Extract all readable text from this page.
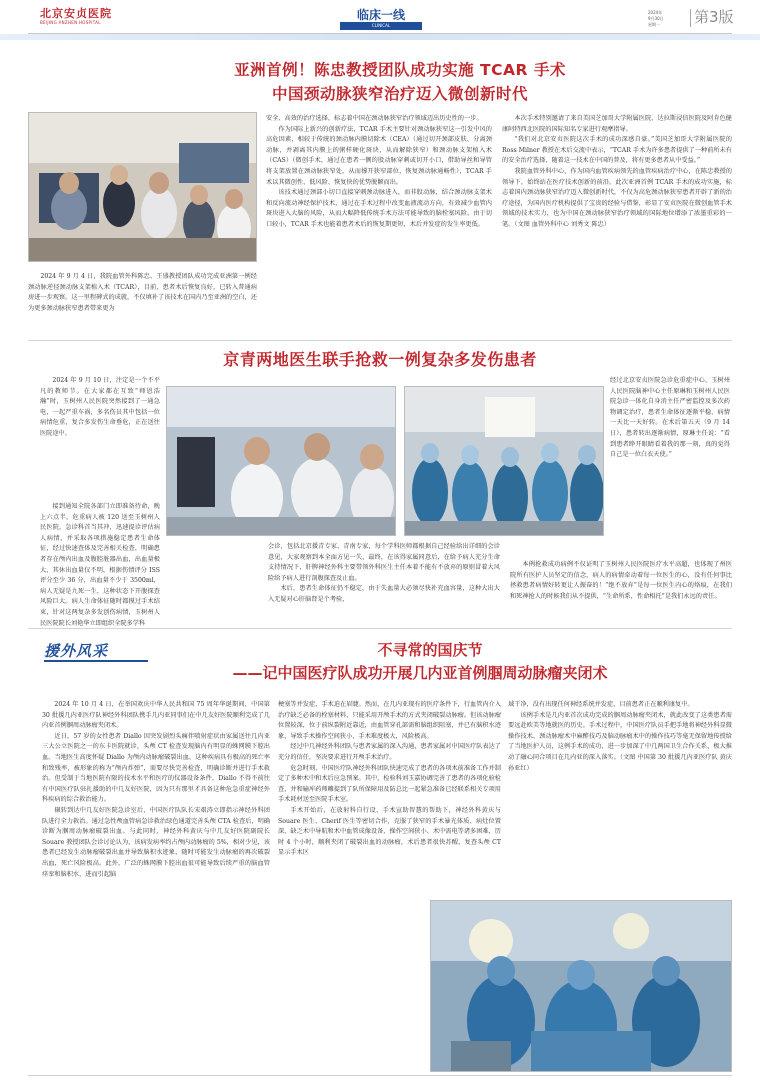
北京安贞医院
BEIJING ANZHEN HOSPITAL
临床一线
CLINICAL
2024年
9月30日
星期一 第3版
亚洲首例！陈忠教授团队成功实施 TCAR 手术
中国颈动脉狭窄治疗迈入微创新时代

2024 年 9 月 4 日，我院血管外科陈忠、王盛教授团队成功完成亚洲第一例经颈动脉逆径颈动脉支架植入术（TCAR），目前，患者术后恢复良好，已转入普通病房进一步观察。这一里程碑式的成就，不仅填补了该技术在国内乃至亚洲的空白，还为更多颈动脉狭窄患者带来更为

安全、高效的治疗选择，标志着中国在颈动脉狭窄治疗领域迈出历史性的一步。

作为国际上新兴的创新疗法，TCAR 手术主要针对颈动脉狭窄这一引发中风的高危因素，相较于传统的颈动脉内膜切除术（CEA）（通过切开颈部皮肤、分离颈动脉，并剥离其内膜上的粥样硬化斑块，从而解除狭窄）和颈动脉支架植入术（CAS）（微创手术，通过在患者一侧的股动脉穿刺或切开小口，借助导丝和导管将支架放置在颈动脉狭窄处，从而撑开狭窄部位，恢复颈动脉通畅性），TCAR 手术以其微创性、低风险、恢复快的优势脱颖而出。

该技术通过颈部小切口直接穿刺颈动脉进入，而非股动脉，结合颈动脉支架术和反向流动神经保护技术，通过在手术过程中改变血液流动方向，有效减少血管内斑块进入大脑的风险，从而大幅降低传统手术方法可能导致的脑栓塞风险。由于切口较小，TCAR 手术也能着患者术后的恢复期更短，术后并发症的发生率更低。

本次手术特别邀请了来自美国芝加哥大学附属医院、达拉斯浸信医院及阿肯色健康阿特西北医院的国际知名专家进行观摩指导。

“我们对北京安贞医院这次手术的成功深感自豪。”美国芝加哥大学附属医院的 Ross Milner 教授在术后交流中表示，“TCAR 手术为许多患者提供了一种前所未有的安全治疗选择，随着这一技术在中国的普及，将有更多患者从中受益。”

我院血管外科中心，作为国内血管疾病领先的血管疾病治疗中心，在陈忠教授的领导下，始终站在医疗技术创新的前沿。此次亚洲首例 TCAR 手术的成功实施，标志着国内颈动脉狭窄治疗迈入微创新时代，不仅为高危颈动脉狭窄患者开辟了新的治疗途径，为国内医疗机构提供了宝贵的经验与借鉴，彰显了安贞医院在微创血管手术领域的技术实力，也为中国在颈动脉狭窄治疗领域的国际地位增添了浓墨重彩的一笔。（文图 血管外科中心 刘秀文 陈忠）

京青两地医生联手抢救一例复杂多发伤患者

2024 年 9 月 10 日，注定是一个不平凡的教师节。在大家都在互致“师恩浩瀚”时，玉树州人民医院突然接到了一通急电，一起严重车祸，多名伤员其中包括一位病情危重，复合多发伤生命垂危，正在送往医院途中。

接到通知全院各部门立即准备待命，晚上六点半，危重病人被 120 送至玉树州人民医院，急诊科首当其冲，迅速提诊评估病人病情，并采取各项措施稳定患者生命体征，经过快速查体及完善相关检查，明确患者存在颅内出血及腹腔脏器出血，出血量极大，其休出血量仅不明，根据伤情评分 ISS 评分至少 36 分，出血量不少于 3500ml，病人无疑是九死一生，这种状态下开腹探查风险巨大。病人生命体征随时都摸过手术结束，针对这两复杂多发创伤病情，玉树州人民医院院长刘艳华立即组织全院多学科

会诊，包括北京援青专家、青南专家，每个学科医师都根据自己经验给出详细的会诊意见，大家观察到本全面方见一失，最终，在该得家属同意后，在给予病人充分生命支持情况下，肝脾神经外科主要带领外科医生主任本着不能有不放弃的原则冒着大风险给予病人进行剖腹探查及止血。

术后，患者生命体征仍不稳定，由于失血量大必须尽快补充血容量，这种大出大入无疑对心肝脑肾是个考验，

经过北京安贞医院急诊危重症中心、玉树州人民医院脑神中心主任原琳和玉树州人民医院急诊一体化自身消主任严密监控及多次药物调定治疗，患者生命体征逐渐平稳，病情一天比一天好转。在术后第五天（9 月 14 日），患者转出逐渐病情，原琳主任说：“看到患者睁开眼睛看着我的那一刻，真的觉得自己是一位白衣天使。”

本例抢救成功病例不仅证明了玉树州人民医院医疗水平高超，也体现了州医院所有医护人员坚定的信念，病人的病情牵动着每一位医生的心，没有任何事比拯救患者病情好转更让人振奋的！“绝不放弃”是每一位医生内心的烙痕，在我们和死神抢人的时候我们从不提供，“生命所系，性命相托”是我们永远的责任。

援外风采	不寻常的国庆节
——记中国医疗队成功开展几内亚首例腘周动脉瘤夹闭术

2024 年 10 月 4 日，在举国欢庆中华人民共和国 75 周年华诞期间，中国第 30 批援几内亚医疗队神经外科团队携手几内亚同事们在中几友好医院顺利完成了几内亚首例腘周动脉瘤夹闭术。

近日，57 岁的女性患者 Diallo 因突发剧烈头痛伴喷射症状由家属送往几内亚三大公立医院之一的东卡医院就诊，头颅 CT 检查发现脑内有明显的蛛网膜下腔出血。当地医生高度怀疑 Diallo 为颅内动脉瘤破裂出血，这种疾病具有极高的死亡率和致残率，被形象的称为“颅内炸弹”，需要尽快完善检查，明确诊断并进行手术救治。但受制于当地医院有限的技术水平和医疗的仪器设备条件，Diallo 不得不前往有中国医疗队驻扎援助的中几友好医院，因为只有那里才具备这种危急重症神经外科疾病的综合救治能力。

辗转到达中几友好医院急诊室后，中国医疗队队长宋艰涛立即指示神经外科团队进行全力救治。通过急性颅血管病急诊救治绿色通道完善头颅 CTA 检查后，明确诊断为腘周动脉瘤破裂出血。与此同时，神经外科黄庆与中几友好医院副院长 Souare 教授团队会诊讨论认为，该病发病率约占颅内动脉瘤的 5%，相对少见，该患者已经发生动脉瘤破裂出血并导致脑积水迹象，随时可能发生动脉瘤的再次破裂出血，死亡风险极高。此外，广泛的蛛网膜下腔出血很可能导致后续严重的脑血管痉挛和脑积水，进而引起脑

梗塞等并发症，手术迫在眉睫。然而，在几内亚现有的医疗条件下，行血管内介入治疗缺乏必备的栓塞材料，只能采用开颅手术的方式夹闭破裂动脉瘤。但该动脉瘤位置较深，位于前纵裂附近靠近，由血管穿孔部需和脑组织阻塞，并已有脑积水迹象，导致手术操作空间狭小，手术难度极大，风险极高。

经过中几神经外科团队与患者家属的深入沟通，患者家属对中国医疗队表达了充分的信任，坚决要求进行开颅手术治疗。

危急时刻，中国医疗队神经外科团队快速完成了患者的各项术前准备工作并制定了多种术中和术后应急预案。其中，检验科刘玉嘉协调完善了患者的各项化验检查，并和输库药师雕提到了队所保障用及防总比一起紧急准备已经联系相关专项用手术耗材送至医院手术室。

手术开始后，在放射科自行设、手术宣助智慧的帮助下，神经外科黄庆与 Souare 医生、Cherif 医生等密切合作，克服了狭窄的手术暴光体质、病灶位置深、缺乏术中导航和术中血管成像设备、操作空间狭小、术中需电等诸多困难，历时 4 个小时，顺利夹闭了破裂出血的动脉瘤，术后患者很快苏醒，复查头颅 CT 显示手术区

域干净，没有出现任何神经系统并发症，目前患者正在顺利康复中。

该例手术是几内亚首次成功完成的腘周动脉瘤夹闭术，就此改变了这类患者需要远赴欧美等地就医的历史。手术过程中，中国医疗队员手把手地将神经外科显微操作技术、颈动脉瘤术中麻醉技巧及脑动脉瘤术中的操作技巧等毫无保留地传授给了当地医护人员，这例手术的成功，进一步加深了中几两国卫生合作关系，极大推动了融心同合项目在几内亚的深入落实。（文图 中国第 30 批援几内亚医疗队 黄庆 孙亚红）
